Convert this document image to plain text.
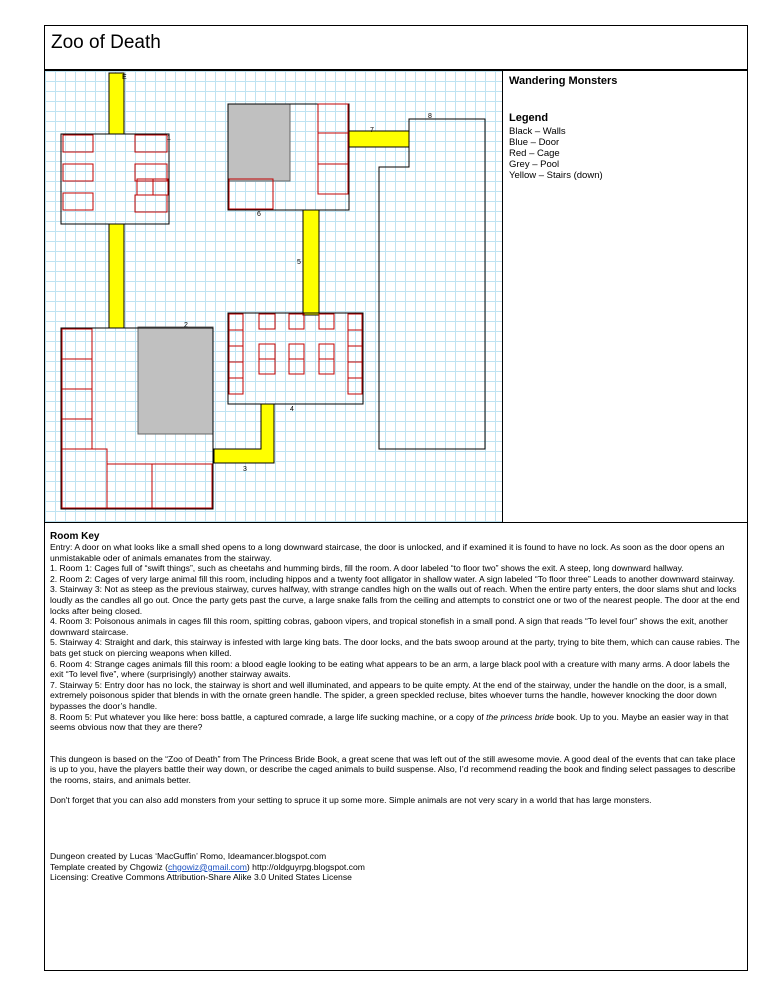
Zoo of Death
E
1
2
3
4
5
6
7
8
Wandering Monsters
Legend
Black – Walls
Blue – Door
Red – Cage
Grey – Pool
Yellow – Stairs (down)
Room Key

Entry: A door on what looks like a small shed opens to a long downward staircase, the door is unlocked, and if examined it is found to have no lock. As soon as the door opens an unmistakable oder of animals emanates from the stairway.

1. Room 1: Cages full of “swift things”, such as cheetahs and humming birds, fill the room. A door labeled “to floor two” shows the exit. A steep, long downward hallway.

2. Room 2: Cages of very large animal fill this room, including hippos and a twenty foot alligator in shallow water. A sign labeled “To floor three” Leads to another downward stairway.

3. Stairway 3: Not as steep as the previous stairway, curves halfway, with strange candles high on the walls out of reach. When the entire party enters, the door slams shut and locks loudly as the candles all go out. Once the party gets past the curve, a large snake falls from the ceiling and attempts to constrict one or two of the nearest people. The door at the end locks after being closed.

4. Room 3: Poisonous animals in cages fill this room, spitting cobras, gaboon vipers, and tropical stonefish in a small pond. A sign that reads “To level four” shows the exit, another downward staircase.

5. Stairway 4: Straight and dark, this stairway is infested with large king bats. The door locks, and the bats swoop around at the party, trying to bite them, which can cause rabies. The bats get stuck on piercing weapons when killed.

6. Room 4: Strange cages animals fill this room: a blood eagle looking to be eating what appears to be an arm, a large black pool with a creature with many arms. A door labels the exit “To level five”, where (surprisingly) another stairway awaits.

7. Stairway 5: Entry door has no lock, the stairway is short and well illuminated, and appears to be quite empty. At the end of the stairway, under the handle on the door, is a small, extremely poisonous spider that blends in with the ornate green handle. The spider, a green speckled recluse, bites whoever turns the handle, however knocking the door down bypasses the door’s handle.

8. Room 5: Put whatever you like here: boss battle, a captured comrade, a large life sucking machine, or a copy of the princess bride book. Up to you. Maybe an easier way in that seems obvious now that they are there?

This dungeon is based on the “Zoo of Death” from The Princess Bride Book, a great scene that was left out of the still awesome movie. A good deal of the events that can take place is up to you, have the players battle their way down, or describe the caged animals to build suspense. Also, I’d recommend reading the book and finding select passages to describe the rooms, stairs, and animals better.

Don't forget that you can also add monsters from your setting to spruce it up some more. Simple animals are not very scary in a world that has large monsters.

Dungeon created by Lucas ‘MacGuffin’ Romo, Ideamancer.blogspot.com

Template created by Chgowiz (chgowiz@gmail.com) http://oldguyrpg.blogspot.com

Licensing: Creative Commons Attribution-Share Alike 3.0 United States License
